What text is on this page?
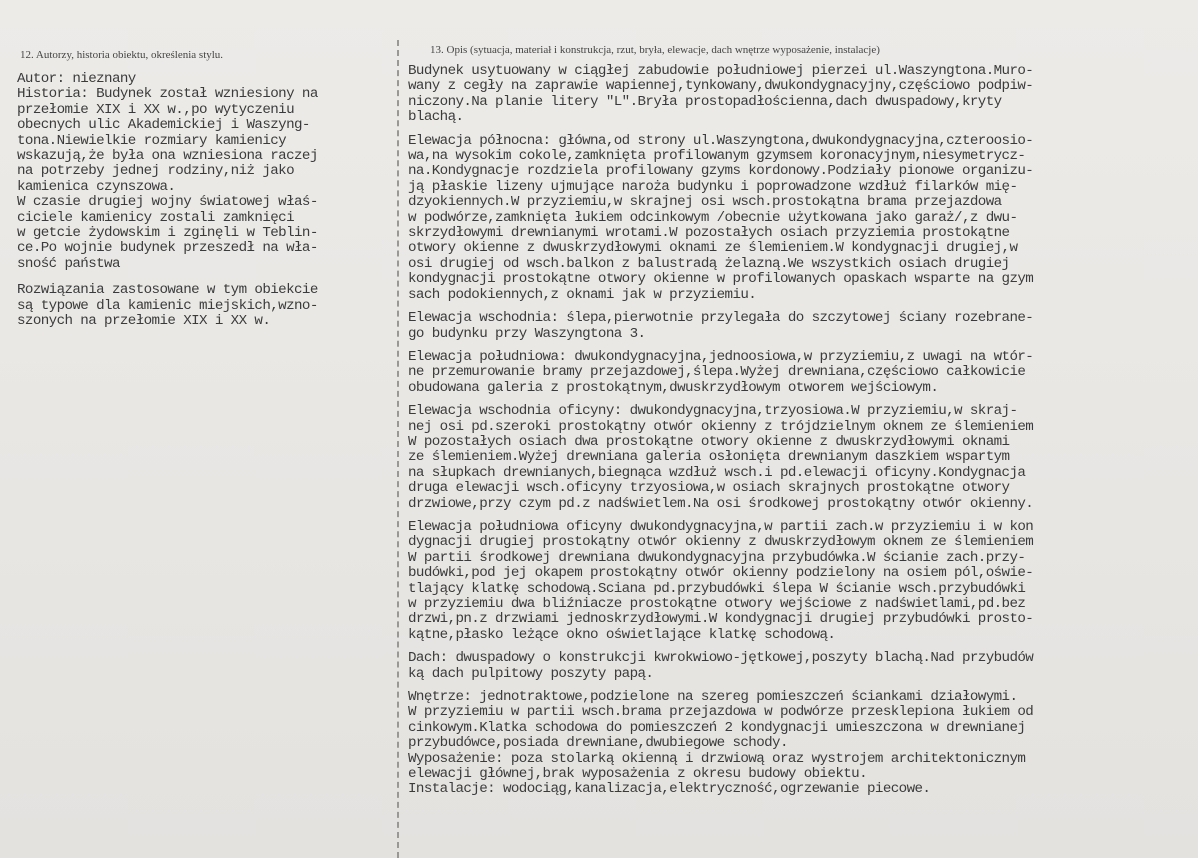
12. Autorzy, historia obiektu, określenia stylu.	13. Opis (sytuacja, materiał i konstrukcja, rzut, bryła, elewacje, dach wnętrze wyposażenie, instalacje)
Autor: nieznany
Historia: Budynek został wzniesiony na
przełomie XIX i XX w.,po wytyczeniu
obecnych ulic Akademickiej i Waszyng-
tona.Niewielkie rozmiary kamienicy
wskazują,że była ona wzniesiona raczej
na potrzeby jednej rodziny,niż jako
kamienica czynszowa.
W czasie drugiej wojny światowej właś-
ciciele kamienicy zostali zamknięci
w getcie żydowskim i zginęli w Teblin-
ce.Po wojnie budynek przeszedł na wła-
sność państwa
Rozwiązania zastosowane w tym obiekcie
są typowe dla kamienic miejskich,wzno-
szonych na przełomie XIX i XX w.
Budynek usytuowany w ciągłej zabudowie południowej pierzei ul.Waszyngtona.Muro-
wany z cegły na zaprawie wapiennej,tynkowany,dwukondygnacyjny,częściowo podpiw-
niczony.Na planie litery "L".Bryła prostopadłościenna,dach dwuspadowy,kryty
blachą.
Elewacja północna: główna,od strony ul.Waszyngtona,dwukondygnacyjna,czteroosio-
wa,na wysokim cokole,zamknięta profilowanym gzymsem koronacyjnym,niesymetrycz-
na.Kondygnacje rozdziela profilowany gzyms kordonowy.Podziały pionowe organizu-
ją płaskie lizeny ujmujące narożа budynku i poprowadzone wzdłuż filarków mię-
dzyokiennych.W przyziemiu,w skrajnej osi wsch.prostokątna brama przejazdowa
w podwórze,zamknięta łukiem odcinkowym /obecnie użytkowana jako garaż/,z dwu-
skrzydłowymi drewnianymi wrotami.W pozostałych osiach przyziemia prostokątne
otwory okienne z dwuskrzydłowymi oknami ze ślemieniem.W kondygnacji drugiej,w
osi drugiej od wsch.balkon z balustradą żelazną.We wszystkich osiach drugiej
kondygnacji prostokątne otwory okienne w profilowanych opaskach wsparte na gzym
sach podokiennych,z oknami jak w przyziemiu.
Elewacja wschodnia: ślepa,pierwotnie przylegała do szczytowej ściany rozebrane-
go budynku przy Waszyngtona 3.
Elewacja południowa: dwukondygnacyjna,jednoosiowa,w przyziemiu,z uwagi na wtór-
ne przemurowanie bramy przejazdowej,ślepa.Wyżej drewniana,częściowo całkowicie
obudowana galeria z prostokątnym,dwuskrzydłowym otworem wejściowym.
Elewacja wschodnia oficyny: dwukondygnacyjna,trzyosiowa.W przyziemiu,w skraj-
nej osi pd.szeroki prostokątny otwór okienny z trójdzielnym oknem ze ślemieniem
W pozostałych osiach dwa prostokątne otwory okienne z dwuskrzydłowymi oknami
ze ślemieniem.Wyżej drewniana galeria osłonięta drewnianym daszkiem wspartym
na słupkach drewnianych,biegnąca wzdłuż wsch.i pd.elewacji oficyny.Kondygnacja
druga elewacji wsch.oficyny trzyosiowa,w osiach skrajnych prostokątne otwory
drzwiowe,przy czym pd.z nadświetlem.Na osi środkowej prostokątny otwór okienny.
Elewacja południowa oficyny dwukondygnacyjna,w partii zach.w przyziemiu i w kon
dygnacji drugiej prostokątny otwór okienny z dwuskrzydłowym oknem ze ślemieniem
W partii środkowej drewniana dwukondygnacyjna przybudówka.W ścianie zach.przy-
budówki,pod jej okapem prostokątny otwór okienny podzielony na osiem pól,oświe-
tlający klatkę schodową.Ściana pd.przybudówki ślepa W ścianie wsch.przybudówki
w przyziemiu dwa bliźniacze prostokątne otwory wejściowe z nadświetlami,pd.bez
drzwi,pn.z drzwiami jednoskrzydłowymi.W kondygnacji drugiej przybudówki prosto-
kątne,płasko leżące okno oświetlające klatkę schodową.
Dach: dwuspadowy o konstrukcji kwrokwiowo-jętkowej,poszyty blachą.Nad przybudów
ką dach pulpitowy poszyty papą.
Wnętrze: jednotraktowe,podzielone na szereg pomieszczeń ściankami działowymi.
W przyziemiu w partii wsch.brama przejazdowa w podwórze przesklepiona łukiem od
cinkowym.Klatka schodowa do pomieszczeń 2 kondygnacji umieszczona w drewnianej
przybudówce,posiada drewniane,dwubiegowe schody.
Wyposażenie: poza stolarką okienną i drzwiową oraz wystrojem architektonicznym
elewacji głównej,brak wyposażenia z okresu budowy obiektu.
Instalacje: wodociąg,kanalizacja,elektryczność,ogrzewanie piecowe.
